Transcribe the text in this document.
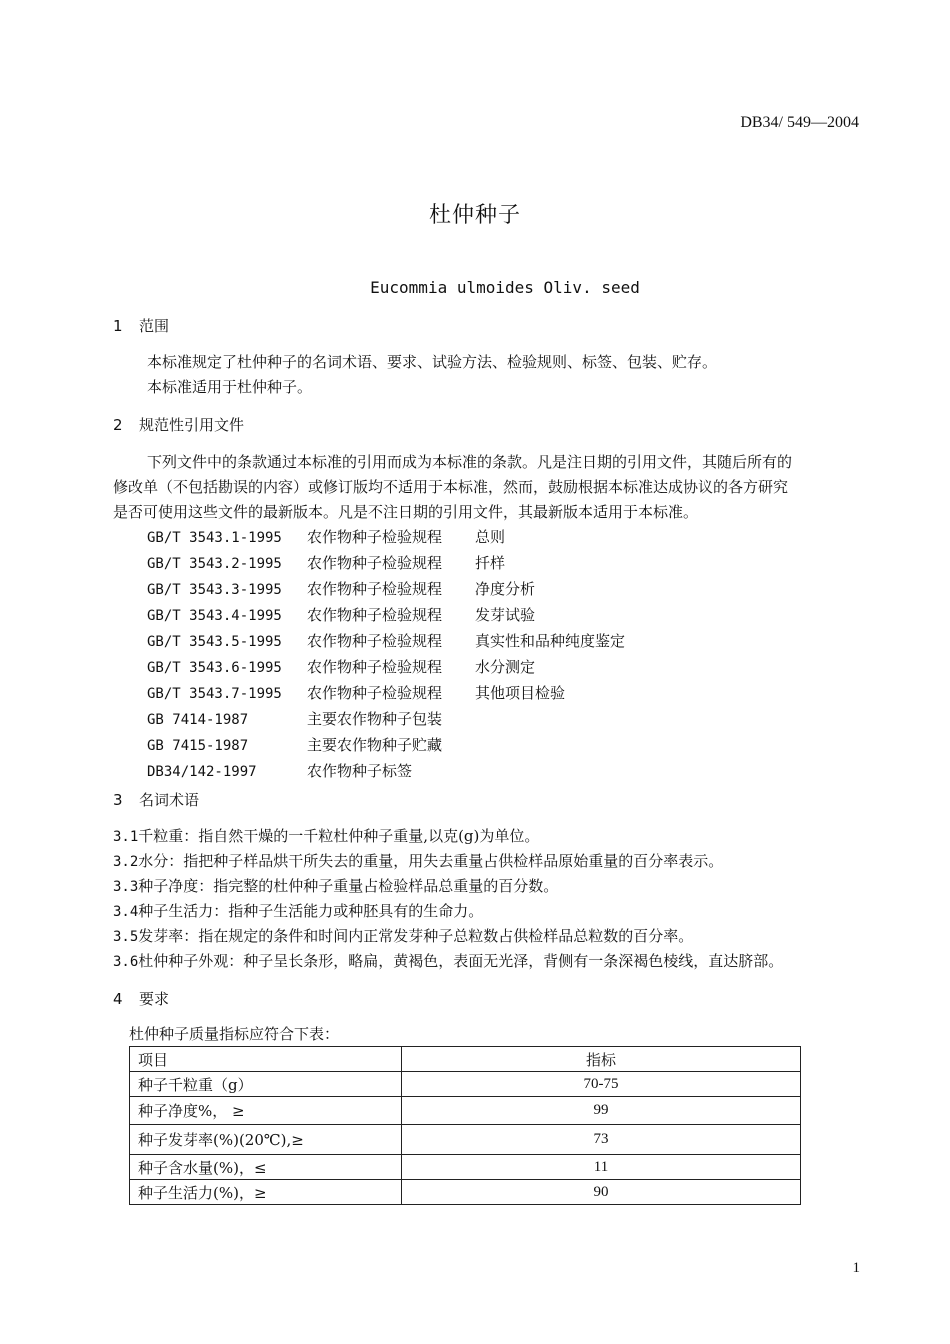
DB34/ 549—2004
杜仲种子
Eucommia ulmoides Oliv. seed
1 范围
本标准规定了杜仲种子的名词术语、要求、试验方法、检验规则、标签、包装、贮存。
本标准适用于杜仲种子。
2 规范性引用文件
下列文件中的条款通过本标准的引用而成为本标准的条款。凡是注日期的引用文件，其随后所有的
修改单（不包括勘误的内容）或修订版均不适用于本标准，然而，鼓励根据本标准达成协议的各方研究
是否可使用这些文件的最新版本。凡是不注日期的引用文件，其最新版本适用于本标准。
GB/T 3543.1-1995 农作物种子检验规程 总则
GB/T 3543.2-1995 农作物种子检验规程 扦样
GB/T 3543.3-1995 农作物种子检验规程 净度分析
GB/T 3543.4-1995 农作物种子检验规程 发芽试验
GB/T 3543.5-1995 农作物种子检验规程 真实性和品种纯度鉴定
GB/T 3543.6-1995 农作物种子检验规程 水分测定
GB/T 3543.7-1995 农作物种子检验规程 其他项目检验
GB 7414-1987	主要农作物种子包装
GB 7415-1987	主要农作物种子贮藏
DB34/142-1997	农作物种子标签
3 名词术语
3.1千粒重：指自然干燥的一千粒杜仲种子重量,以克(g)为单位。
3.2水分：指把种子样品烘干所失去的重量，用失去重量占供检样品原始重量的百分率表示。
3.3种子净度：指完整的杜仲种子重量占检验样品总重量的百分数。
3.4种子生活力：指种子生活能力或种胚具有的生命力。
3.5发芽率：指在规定的条件和时间内正常发芽种子总粒数占供检样品总粒数的百分率。
3.6杜仲种子外观：种子呈长条形，略扁，黄褐色，表面无光泽，背侧有一条深褐色棱线，直达脐部。
4 要求
杜仲种子质量指标应符合下表：
项目	指标
种子千粒重（g）	70-75
种子净度%， ≥	99
种子发芽率(%)(20℃),≥	73
种子含水量(%)，≤	11
种子生活力(%)，≥	90
1
